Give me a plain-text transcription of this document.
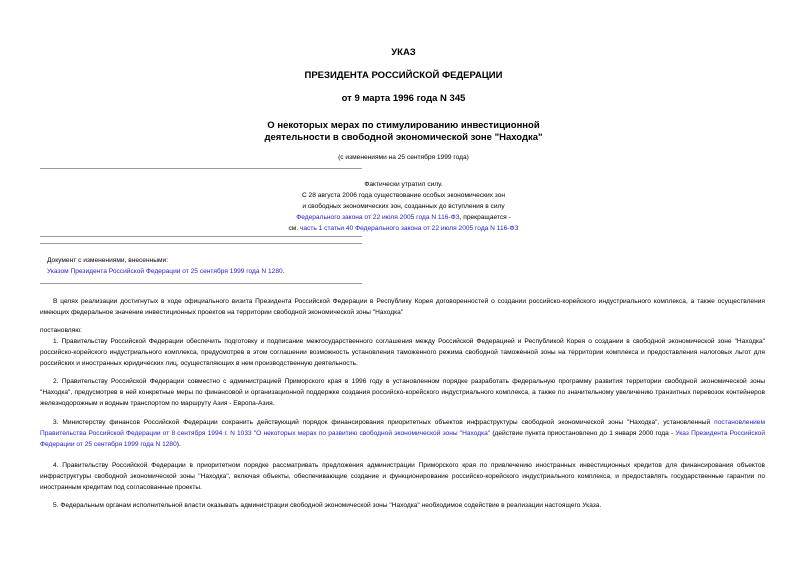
УКАЗ
ПРЕЗИДЕНТА РОССИЙСКОЙ ФЕДЕРАЦИИ
от 9 марта 1996 года N 345
О некоторых мерах по стимулированию инвестиционной
деятельности в свободной экономической зоне "Находка"
(с изменениями на 25 сентября 1999 года)
Фактически утратил силу.
С 28 августа 2006 года существование особых экономических зон
и свободных экономических зон, созданных до вступления в силу
Федерального закона от 22 июля 2005 года N 116-ФЗ, прекращается -
см. часть 1 статьи 40 Федерального закона от 22 июля 2005 года N 116-ФЗ
Документ с изменениями, внесенными:
Указом Президента Российской Федерации от 25 сентября 1999 года N 1280.
В целях реализации достигнутых в ходе официального визита Президента Российской Федерации в Республику Корея договоренностей о создании российско-корейского индустриального комплекса, а также осуществления имеющих федеральное значение инвестиционных проектов на территории свободной экономической зоны "Находка"
постановляю:
1. Правительству Российской Федерации обеспечить подготовку и подписание межгосударственного соглашения между Российской Федерацией и Республикой Корея о создании в свободной экономической зоне "Находка" российско-корейского индустриального комплекса, предусмотрев в этом соглашении возможность установления таможенного режима свободной таможенной зоны на территории комплекса и предоставления налоговых льгот для российских и иностранных юридических лиц, осуществляющих в нем производственную деятельность.
2. Правительству Российской Федерации совместно с администрацией Приморского края в 1996 году в установленном порядке разработать федеральную программу развития территории свободной экономической зоны "Находка", предусмотрев в ней конкретные меры по финансовой и организационной поддержке создания российско-корейского индустриального комплекса, а также по значительному увеличению транзитных перевозок контейнеров железнодорожным и водным транспортом по маршруту Азия - Европа-Азия.
3. Министерству финансов Российской Федерации сохранить действующий порядок финансирования приоритетных объектов инфраструктуры свободной экономической зоны "Находка", установленный постановлением Правительства Российской Федерации от 8 сентября 1994 г. N 1033 "О некоторых мерах по развитию свободной экономической зоны "Находка" (действие пункта приостановлено до 1 января 2000 года - Указ Президента Российской Федерации от 25 сентября 1999 года N 1280).
4. Правительству Российской Федерации в приоритетном порядке рассматривать предложения администрации Приморского края по привлечению иностранных инвестиционных кредитов для финансирования объектов инфраструктуры свободной экономической зоны "Находка", включая объекты, обеспечивающие создание и функционирование российско-корейского индустриального комплекса, и предоставлять государственные гарантии по иностранным кредитам под согласованные проекты.
5. Федеральным органам исполнительной власти оказывать администрации свободной экономической зоны "Находка" необходимое содействие в реализации настоящего Указа.
